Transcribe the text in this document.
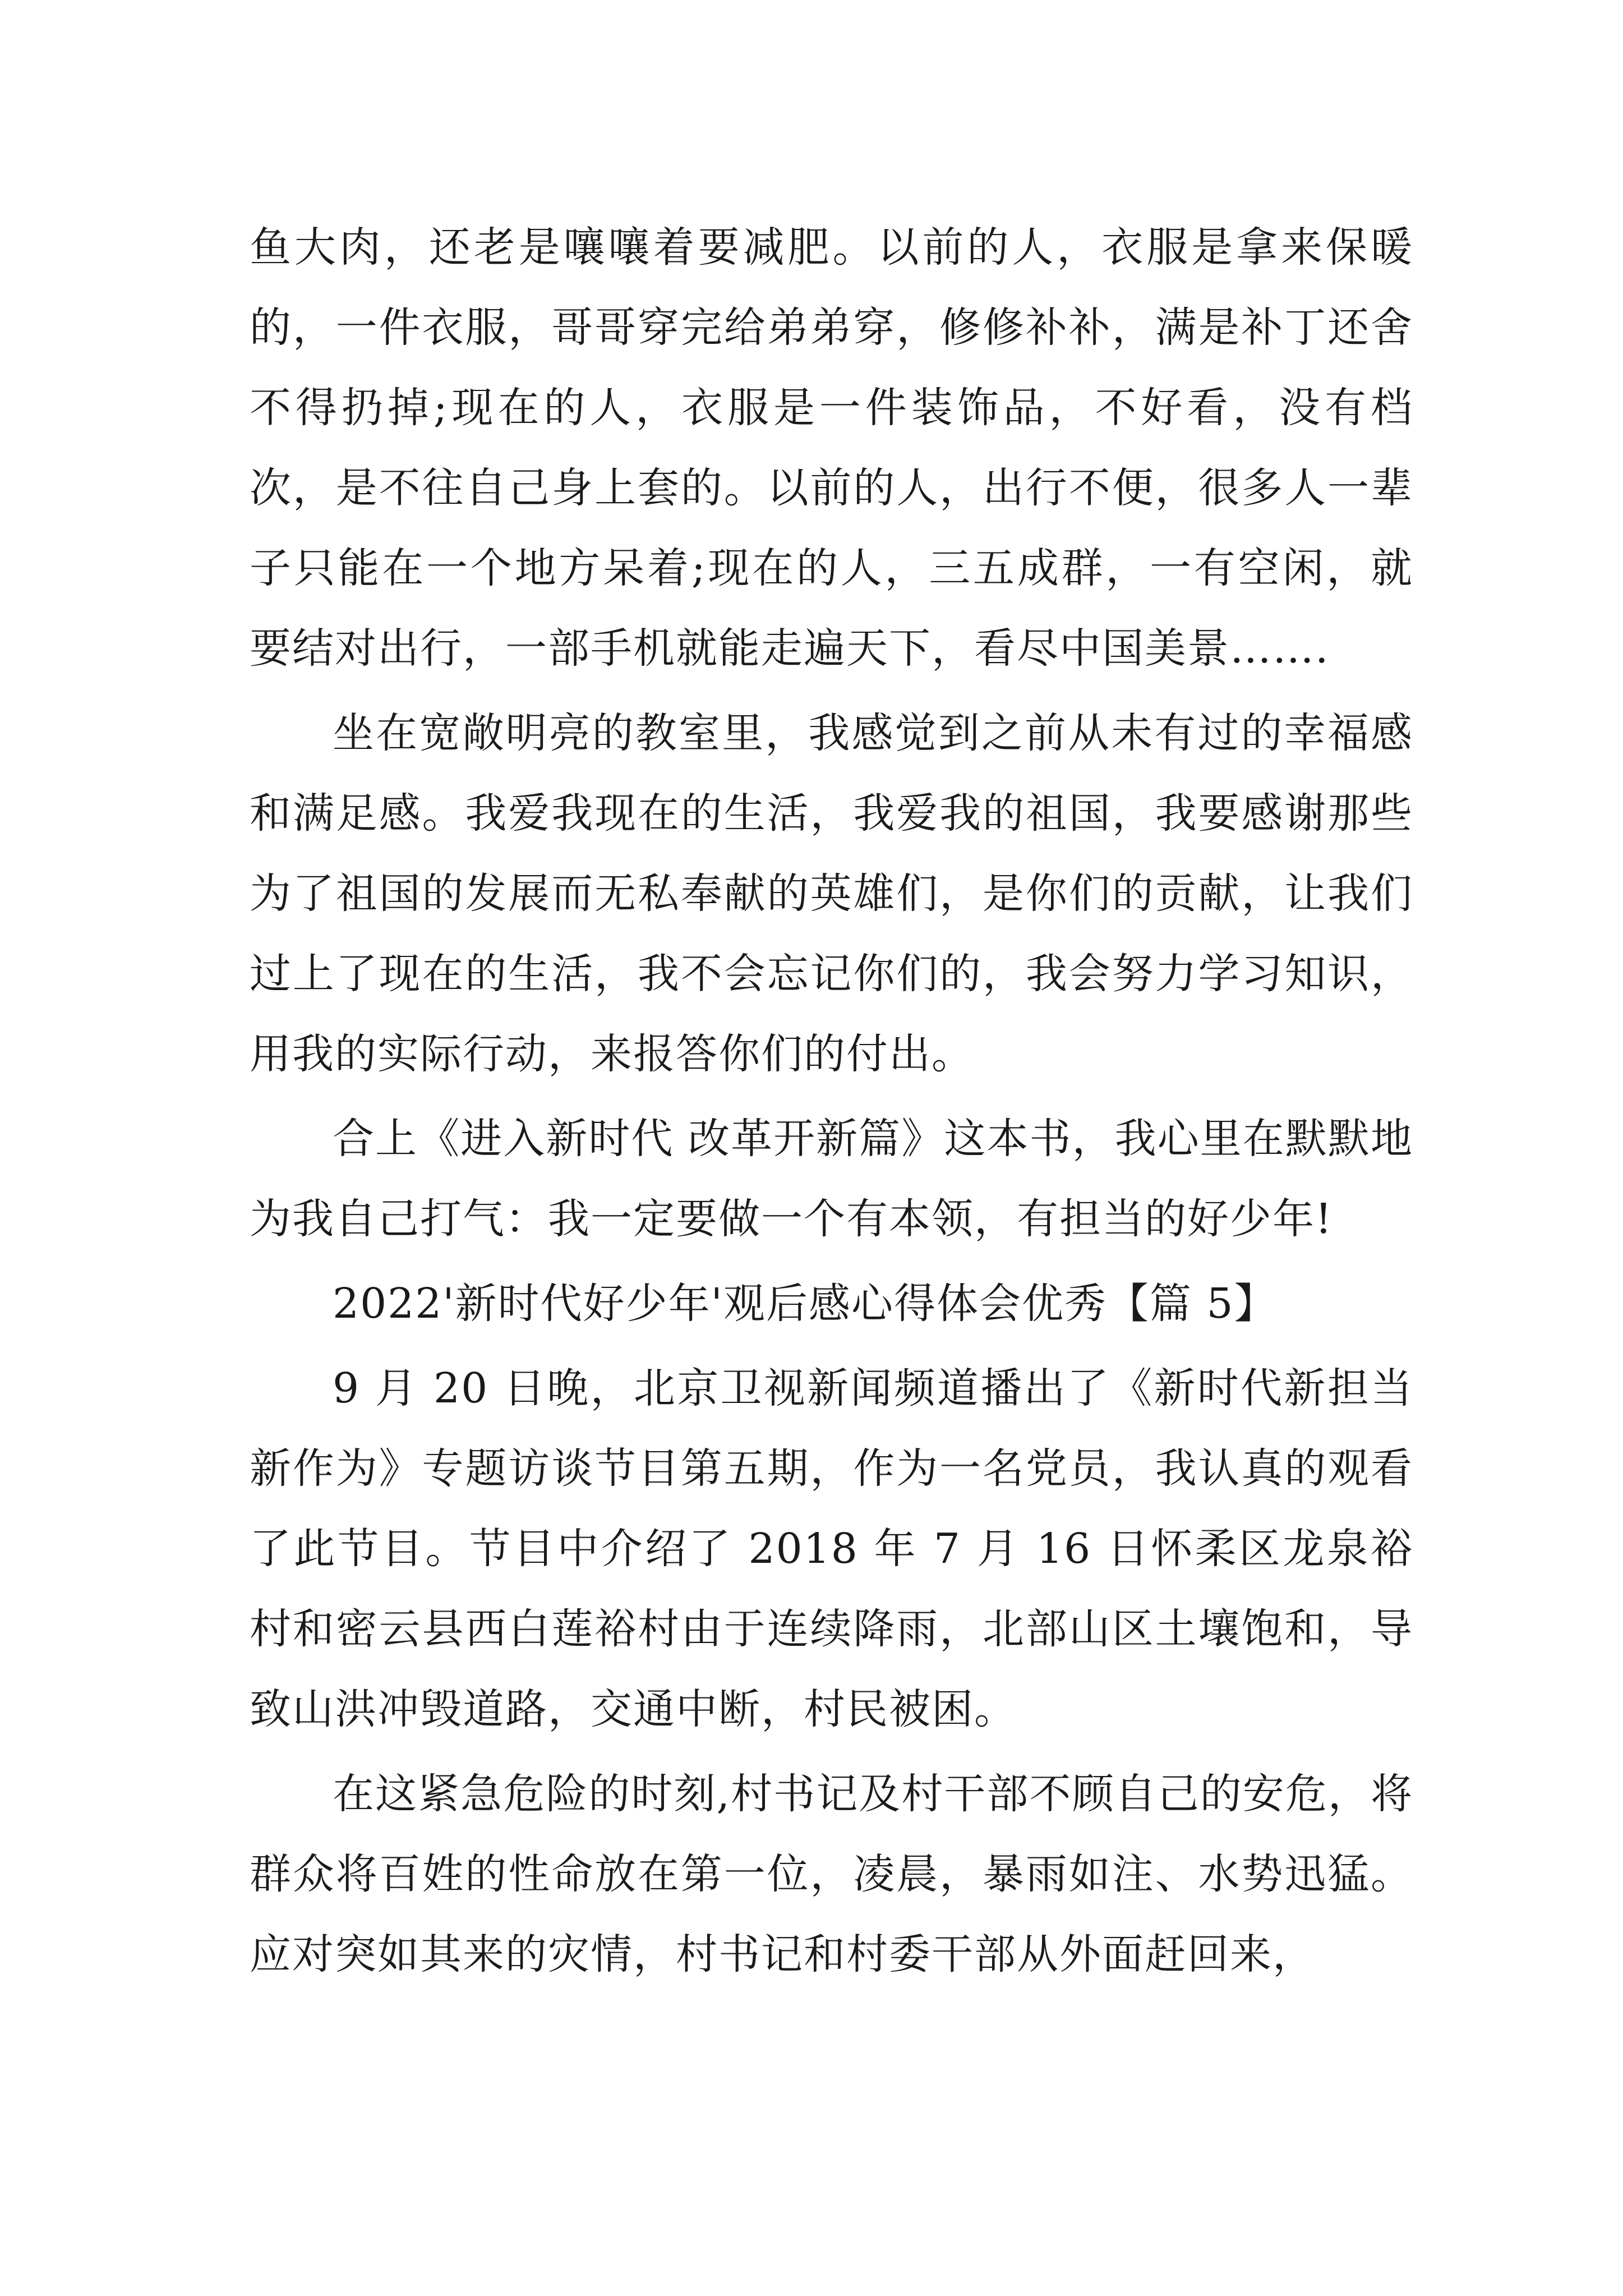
鱼大肉，还老是嚷嚷着要减肥。以前的人，衣服是拿来保暖的，一件衣服，哥哥穿完给弟弟穿，修修补补，满是补丁还舍不得扔掉;现在的人，衣服是一件装饰品，不好看，没有档次，是不往自己身上套的。以前的人，出行不便，很多人一辈子只能在一个地方呆着;现在的人，三五成群，一有空闲，就要结对出行，一部手机就能走遍天下，看尽中国美景…….

坐在宽敞明亮的教室里，我感觉到之前从未有过的幸福感和满足感。我爱我现在的生活，我爱我的祖国，我要感谢那些为了祖国的发展而无私奉献的英雄们，是你们的贡献，让我们过上了现在的生活，我不会忘记你们的，我会努力学习知识，用我的实际行动，来报答你们的付出。

合上《进入新时代 改革开新篇》这本书，我心里在默默地为我自己打气：我一定要做一个有本领，有担当的好少年!

2022'新时代好少年'观后感心得体会优秀【篇 5】

9 月 20 日晚，北京卫视新闻频道播出了《新时代新担当新作为》专题访谈节目第五期，作为一名党员，我认真的观看了此节目。节目中介绍了 2018 年 7 月 16 日怀柔区龙泉裕村和密云县西白莲裕村由于连续降雨，北部山区土壤饱和，导致山洪冲毁道路，交通中断，村民被困。

在这紧急危险的时刻,村书记及村干部不顾自己的安危，将群众将百姓的性命放在第一位，凌晨，暴雨如注、水势迅猛。应对突如其来的灾情，村书记和村委干部从外面赶回来，
